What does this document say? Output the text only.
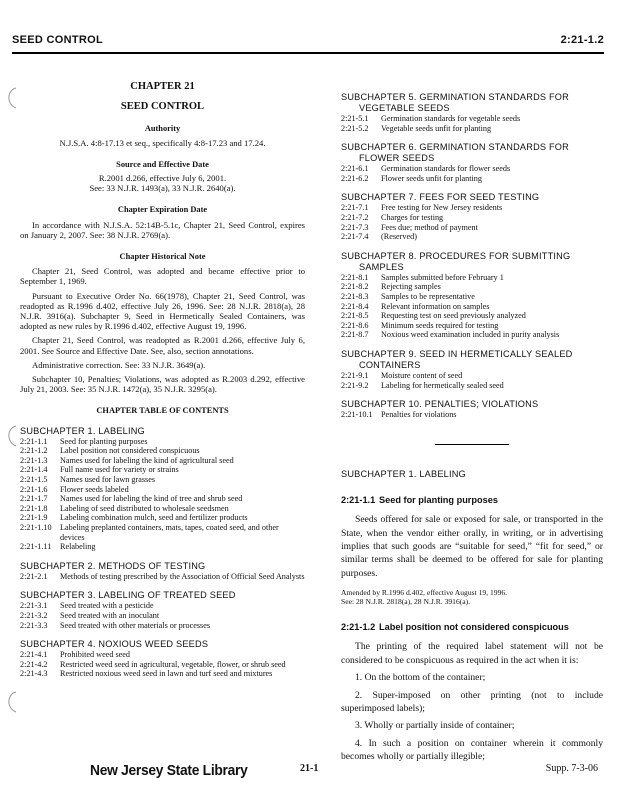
SEED CONTROL	2:21-1.2
CHAPTER 21
SEED CONTROL
Authority
N.J.S.A. 4:8-17.13 et seq., specifically 4:8-17.23 and 17.24.
Source and Effective Date
R.2001 d.266, effective July 6, 2001.
See: 33 N.J.R. 1493(a), 33 N.J.R. 2640(a).
Chapter Expiration Date

In accordance with N.J.S.A. 52:14B-5.1c, Chapter 21, Seed Control, expires on January 2, 2007. See: 38 N.J.R. 2769(a).

Chapter Historical Note

Chapter 21, Seed Control, was adopted and became effective prior to September 1, 1969.

Pursuant to Executive Order No. 66(1978), Chapter 21, Seed Control, was readopted as R.1996 d.402, effective July 26, 1996. See: 28 N.J.R. 2818(a), 28 N.J.R. 3916(a). Subchapter 9, Seed in Hermetically Sealed Containers, was adopted as new rules by R.1996 d.402, effective August 19, 1996.

Chapter 21, Seed Control, was readopted as R.2001 d.266, effective July 6, 2001. See Source and Effective Date. See, also, section annotations.

Administrative correction. See: 33 N.J.R. 3649(a).

Subchapter 10, Penalties; Violations, was adopted as R.2003 d.292, effective July 21, 2003. See: 35 N.J.R. 1472(a), 35 N.J.R. 3295(a).

CHAPTER TABLE OF CONTENTS
SUBCHAPTER 1. LABELING
2:21-1.1	Seed for planting purposes
2:21-1.2	Label position not considered conspicuous
2:21-1.3	Names used for labeling the kind of agricultural seed
2:21-1.4	Full name used for variety or strains
2:21-1.5	Names used for lawn grasses
2:21-1.6	Flower seeds labeled
2:21-1.7	Names used for labeling the kind of tree and shrub seed
2:21-1.8	Labeling of seed distributed to wholesale seedsmen
2:21-1.9	Labeling combination mulch, seed and fertilizer products
2:21-1.10	Labeling preplanted containers, mats, tapes, coated seed, and other devices
2:21-1.11	Relabeling
SUBCHAPTER 2. METHODS OF TESTING
2:21-2.1	Methods of testing prescribed by the Association of Official Seed Analysts
SUBCHAPTER 3. LABELING OF TREATED SEED
2:21-3.1	Seed treated with a pesticide
2:21-3.2	Seed treated with an inoculant
2:21-3.3	Seed treated with other materials or processes
SUBCHAPTER 4. NOXIOUS WEED SEEDS
2:21-4.1	Prohibited weed seed
2:21-4.2	Restricted weed seed in agricultural, vegetable, flower, or shrub seed
2:21-4.3	Restricted noxious weed seed in lawn and turf seed and mixtures
SUBCHAPTER 5. GERMINATION STANDARDS FOR
VEGETABLE SEEDS
2:21-5.1	Germination standards for vegetable seeds
2:21-5.2	Vegetable seeds unfit for planting
SUBCHAPTER 6. GERMINATION STANDARDS FOR
FLOWER SEEDS
2:21-6.1	Germination standards for flower seeds
2:21-6.2	Flower seeds unfit for planting
SUBCHAPTER 7. FEES FOR SEED TESTING
2:21-7.1	Free testing for New Jersey residents
2:21-7.2	Charges for testing
2:21-7.3	Fees due; method of payment
2:21-7.4	(Reserved)
SUBCHAPTER 8. PROCEDURES FOR SUBMITTING
SAMPLES
2:21-8.1	Samples submitted before February 1
2:21-8.2	Rejecting samples
2:21-8.3	Samples to be representative
2:21-8.4	Relevant information on samples
2:21-8.5	Requesting test on seed previously analyzed
2:21-8.6	Minimum seeds required for testing
2:21-8.7	Noxious weed examination included in purity analysis
SUBCHAPTER 9. SEED IN HERMETICALLY SEALED
CONTAINERS
2:21-9.1	Moisture content of seed
2:21-9.2	Labeling for hermetically sealed seed
SUBCHAPTER 10. PENALTIES; VIOLATIONS
2:21-10.1	Penalties for violations
SUBCHAPTER 1. LABELING
2:21-1.1 Seed for planting purposes
Seeds offered for sale or exposed for sale, or transported in the State, when the vendor either orally, in writing, or in advertising implies that such goods are “suitable for seed,” “fit for seed,” or similar terms shall be deemed to be offered for sale for planting purposes.
Amended by R.1996 d.402, effective August 19, 1996.
See: 28 N.J.R. 2818(a), 28 N.J.R. 3916(a).
2:21-1.2 Label position not considered conspicuous
The printing of the required label statement will not be considered to be conspicuous as required in the act when it is:
1. On the bottom of the container;
2. Super-imposed on other printing (not to include superimposed labels);
3. Wholly or partially inside of container;
4. In such a position on container wherein it commonly becomes wholly or partially illegible;
New Jersey State Library	21-1	Supp. 7-3-06
